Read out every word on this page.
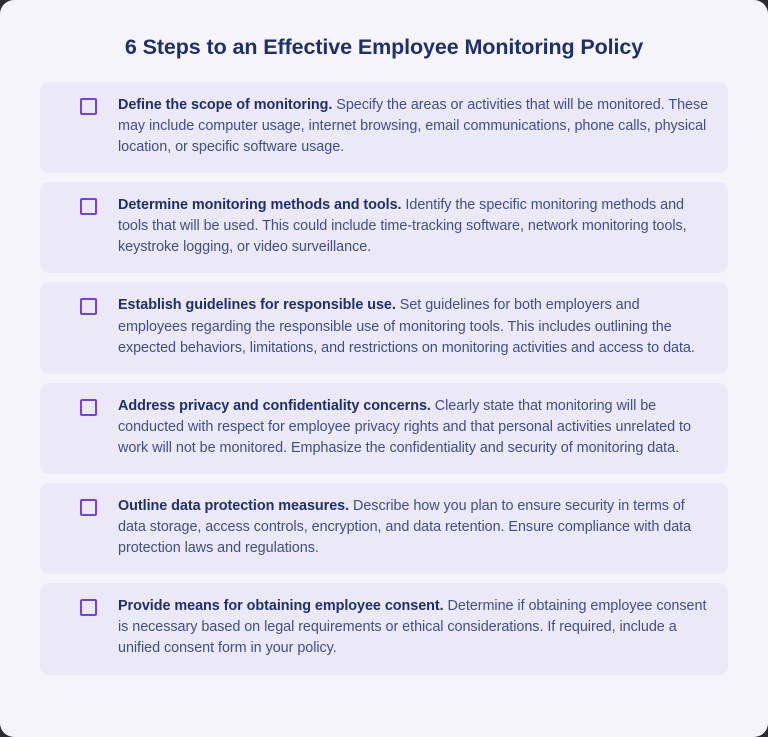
6 Steps to an Effective Employee Monitoring Policy
Define the scope of monitoring. Specify the areas or activities that will be monitored. These may include computer usage, internet browsing, email communications, phone calls, physical location, or specific software usage.
Determine monitoring methods and tools. Identify the specific monitoring methods and tools that will be used. This could include time-tracking software, network monitoring tools, keystroke logging, or video surveillance.
Establish guidelines for responsible use. Set guidelines for both employers and employees regarding the responsible use of monitoring tools. This includes outlining the expected behaviors, limitations, and restrictions on monitoring activities and access to data.
Address privacy and confidentiality concerns. Clearly state that monitoring will be conducted with respect for employee privacy rights and that personal activities unrelated to work will not be monitored. Emphasize the confidentiality and security of monitoring data.
Outline data protection measures. Describe how you plan to ensure security in terms of data storage, access controls, encryption, and data retention. Ensure compliance with data protection laws and regulations.
Provide means for obtaining employee consent. Determine if obtaining employee consent is necessary based on legal requirements or ethical considerations. If required, include a unified consent form in your policy.
